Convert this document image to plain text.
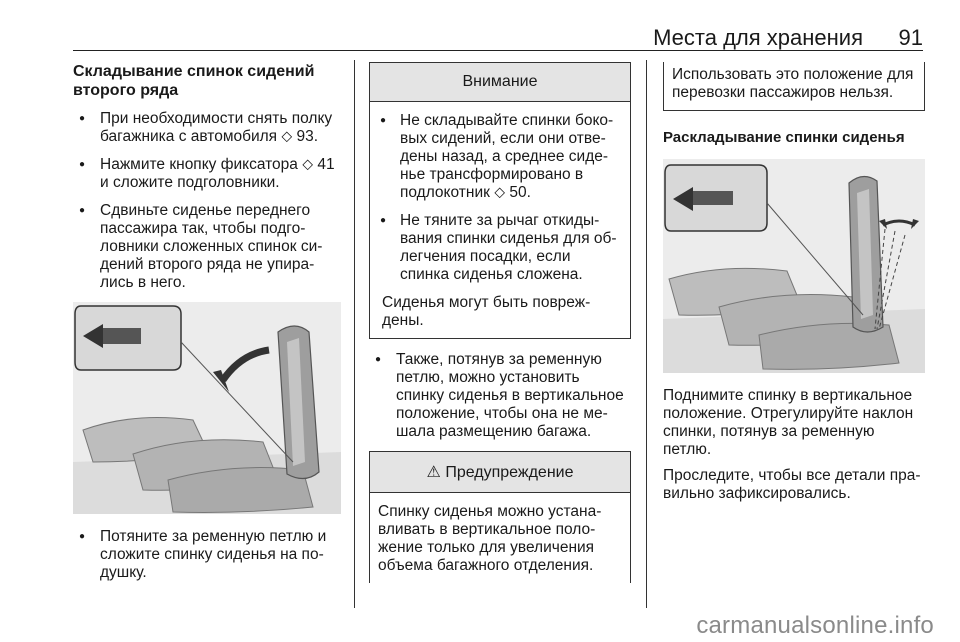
Места для хранения 91
Складывание спинок сидений второго ряда
● При необходимости снять полку багажника с автомобиля ⬦ 93.
● Нажмите кнопку фиксатора ⬦ 41 и сложите подголовники.
● Сдвиньте сиденье переднего пассажира так, чтобы подго-ловники сложенных спинок си-дений второго ряда не упира-лись в него.
● Потяните за ременную петлю и сложите спинку сиденья на по-душку.
Внимание
● Не складывайте спинки боко-вых сидений, если они отве-дены назад, а среднее сиде-нье трансформировано в подлокотник ⬦ 50.
● Не тяните за рычаг откиды-вания спинки сиденья для об-легчения посадки, если спинка сиденья сложена.

Сиденья могут быть повреж-дены.

● Также, потянув за ременную петлю, можно установить спинку сиденья в вертикальное положение, чтобы она не ме-шала размещению багажа.
⚠ Предупреждение

Спинку сиденья можно устана-вливать в вертикальное поло-жение только для увеличения объема багажного отделения.

Использовать это положение для перевозки пассажиров нельзя.

Раскладывание спинки сиденья

Поднимите спинку в вертикальное положение. Отрегулируйте наклон спинки, потянув за ременную петлю.

Проследите, чтобы все детали пра-вильно зафиксировались.

carmanualsonline.info
